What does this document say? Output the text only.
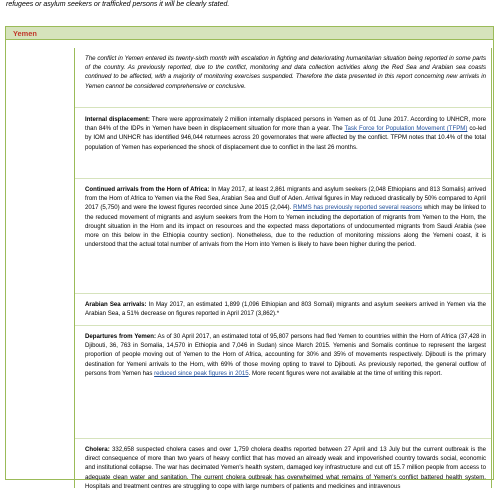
refugees or asylum seekers or trafficked persons it will be clearly stated.
Yemen
The conflict in Yemen entered its twenty-sixth month with escalation in fighting and deteriorating humanitarian situation being reported in some parts of the country. As previously reported, due to the conflict, monitoring and data collection activities along the Red Sea and Arabian sea coasts continued to be affected, with a majority of monitoring exercises suspended. Therefore the data presented in this report concerning new arrivals in Yemen cannot be considered comprehensive or conclusive.
Internal displacement: There were approximately 2 million internally displaced persons in Yemen as of 01 June 2017. According to UNHCR, more than 84% of the IDPs in Yemen have been in displacement situation for more than a year. The Task Force for Population Movement (TFPM) co-led by IOM and UNHCR has identified 946,044 returnees across 20 governorates that were affected by the conflict. TFPM notes that 10.4% of the total population of Yemen has experienced the shock of displacement due to conflict in the last 26 months.
Continued arrivals from the Horn of Africa: In May 2017, at least 2,861 migrants and asylum seekers (2,048 Ethiopians and 813 Somalis) arrived from the Horn of Africa to Yemen via the Red Sea, Arabian Sea and Gulf of Aden. Arrival figures in May reduced drastically by 50% compared to April 2017 (5,750) and were the lowest figures recorded since June 2015 (2,044). RMMS has previously reported several reasons which may be linked to the reduced movement of migrants and asylum seekers from the Horn to Yemen including the deportation of migrants from Yemen to the Horn, the drought situation in the Horn and its impact on resources and the expected mass deportations of undocumented migrants from Saudi Arabia (see more on this below in the Ethiopia country section). Nonetheless, due to the reduction of monitoring missions along the Yemeni coast, it is understood that the actual total number of arrivals from the Horn into Yemen is likely to have been higher during the period.
Arabian Sea arrivals: In May 2017, an estimated 1,899 (1,096 Ethiopian and 803 Somali) migrants and asylum seekers arrived in Yemen via the Arabian Sea, a 51% decrease on figures reported in April 2017 (3,862).*
Departures from Yemen: As of 30 April 2017, an estimated total of 95,807 persons had fled Yemen to countries within the Horn of Africa (37,428 in Djibouti, 36, 763 in Somalia, 14,570 in Ethiopia and 7,046 in Sudan) since March 2015. Yemenis and Somalis continue to represent the largest proportion of people moving out of Yemen to the Horn of Africa, accounting for 30% and 35% of movements respectively. Djibouti is the primary destination for Yemeni arrivals to the Horn, with 69% of those moving opting to travel to Djibouti. As previously reported, the general outflow of persons from Yemen has reduced since peak figures in 2015. More recent figures were not available at the time of writing this report.
Cholera: 332,658 suspected cholera cases and over 1,759 cholera deaths reported between 27 April and 13 July but the current outbreak is the direct consequence of more than two years of heavy conflict that has moved an already weak and impoverished country towards social, economic and institutional collapse. The war has decimated Yemen's health system, damaged key infrastructure and cut off 15.7 million people from access to adequate clean water and sanitation. The current cholera outbreak has overwhelmed what remains of Yemen's conflict battered health system. Hospitals and treatment centres are struggling to cope with large numbers of patients and medicines and intravenous
